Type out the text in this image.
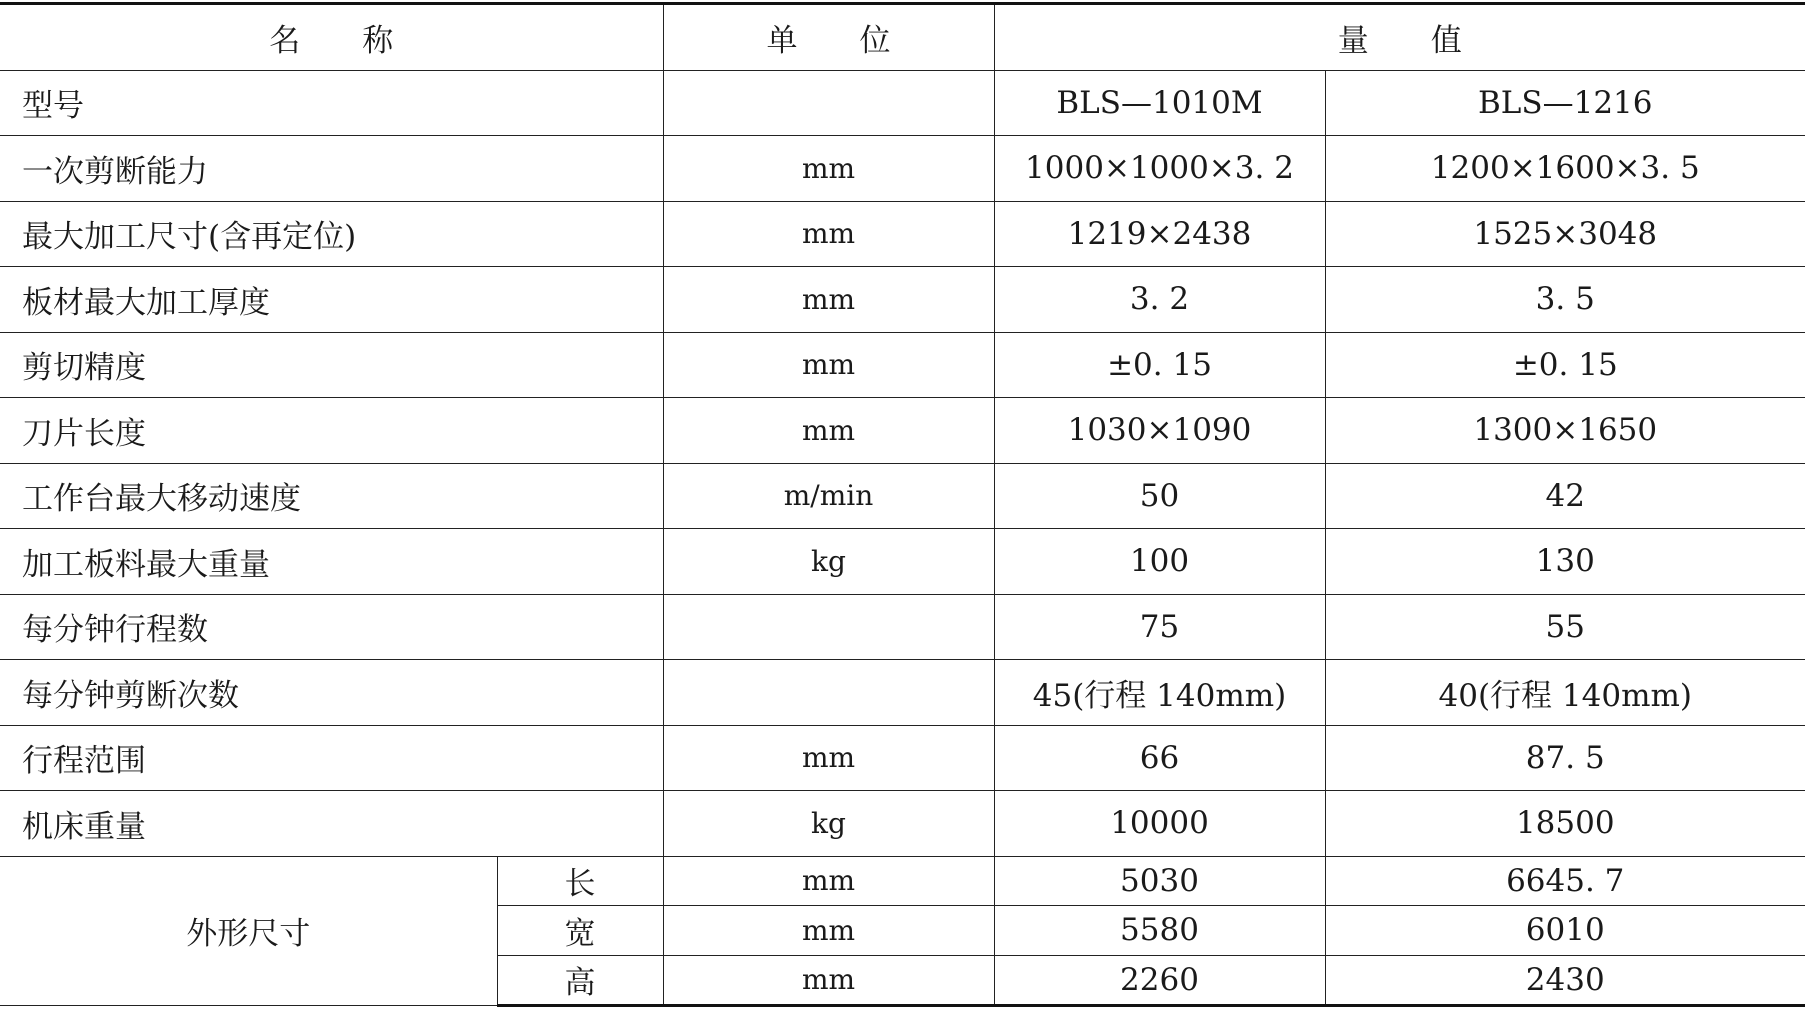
名 称		单 位	量 值	
型号			BLS—1010M	BLS—1216
一次剪断能力		mm	1000×1000×3. 2	1200×1600×3. 5
最大加工尺寸(含再定位)		mm	1219×2438	1525×3048
板材最大加工厚度		mm	3. 2	3. 5
剪切精度		mm	±0. 15	±0. 15
刀片长度		mm	1030×1090	1300×1650
工作台最大移动速度		m/min	50	42
加工板料最大重量		kg	100	130
每分钟行程数			75	55
每分钟剪断次数			45(行程 140mm)	40(行程 140mm)
行程范围		mm	66	87. 5
机床重量		kg	10000	18500
外形尺寸	长	mm	5030	6645. 7
	宽	mm	5580	6010
	高	mm	2260	2430
